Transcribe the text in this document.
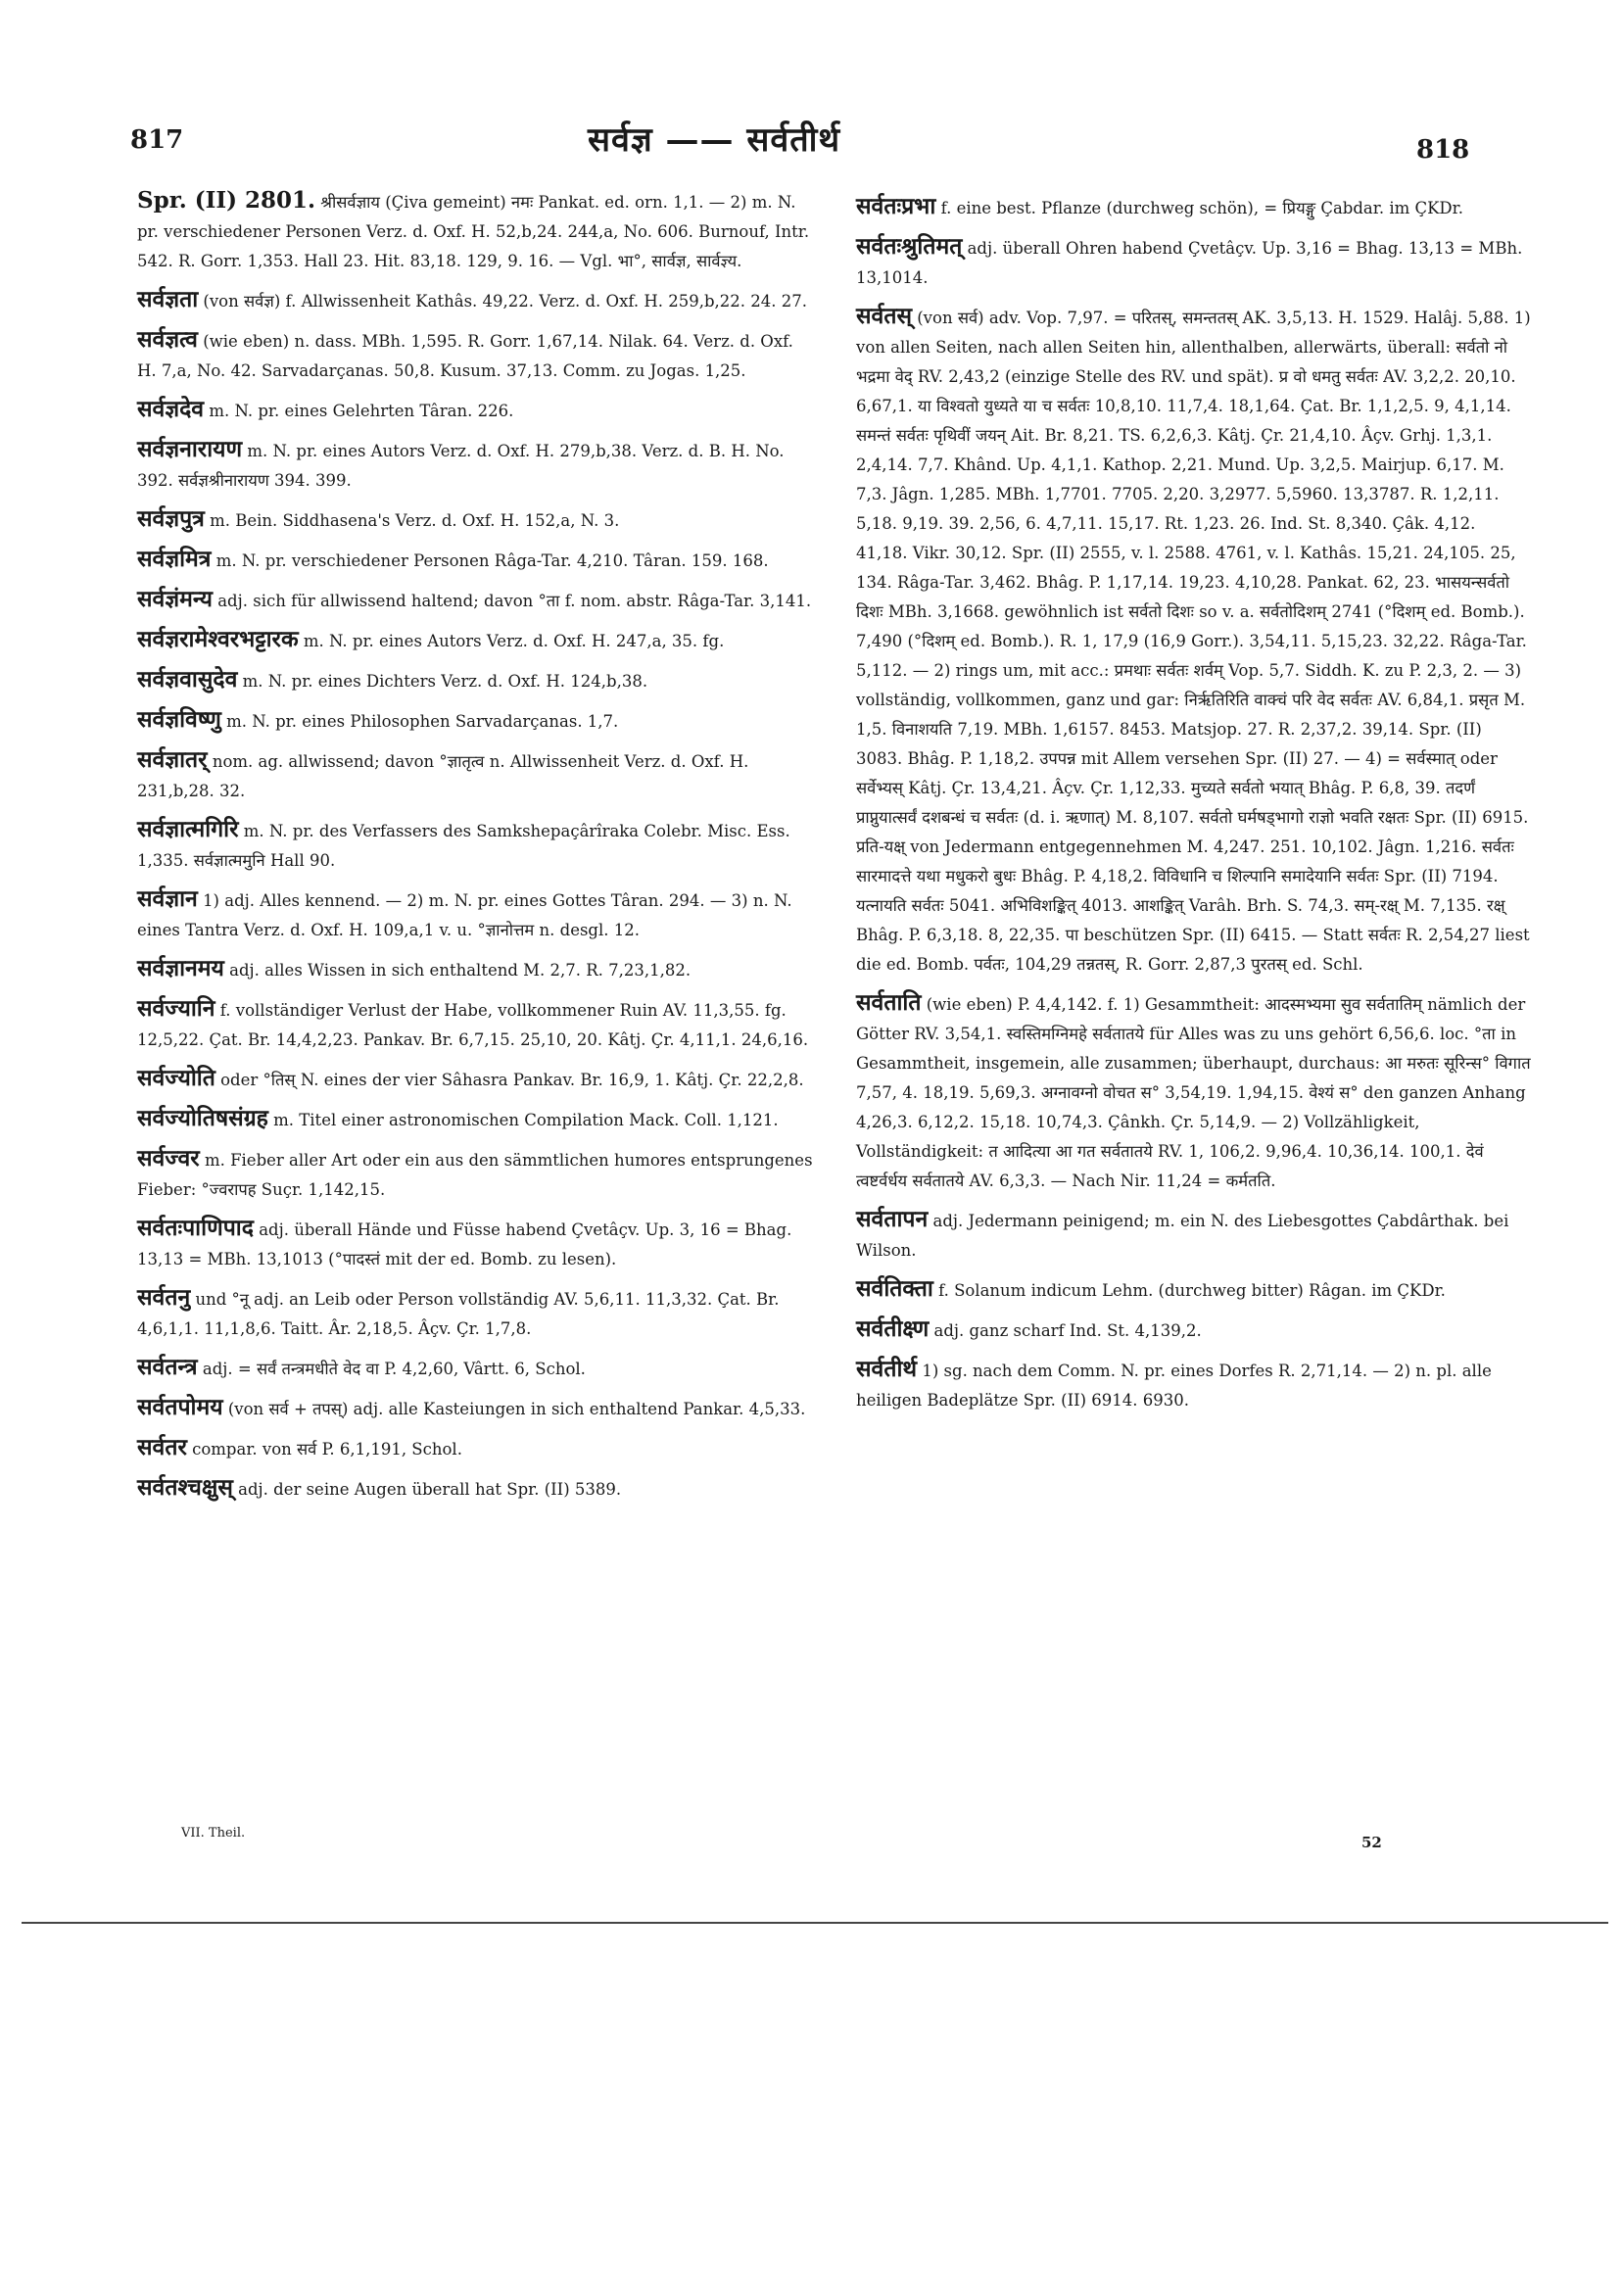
817	सर्वज्ञ —— सर्वतीर्थ	818

Spr. (II) 2801. श्रीसर्वज्ञाय (Çiva gemeint) नमः Pankat. ed. orn. 1,1. — 2) m. N. pr. verschiedener Personen Verz. d. Oxf. H. 52,b,24. 244,a, No. 606. Burnouf, Intr. 542. R. Gorr. 1,353. Hall 23. Hit. 83,18. 129, 9. 16. — Vgl. भा°, सार्वज्ञ, सार्वज्ञ्य.

सर्वज्ञता (von सर्वज्ञ) f. Allwissenheit Kathâs. 49,22. Verz. d. Oxf. H. 259,b,22. 24. 27.

सर्वज्ञत्व (wie eben) n. dass. MBh. 1,595. R. Gorr. 1,67,14. Nilak. 64. Verz. d. Oxf. H. 7,a, No. 42. Sarvadarçanas. 50,8. Kusum. 37,13. Comm. zu Jogas. 1,25.

सर्वज्ञदेव m. N. pr. eines Gelehrten Târan. 226.

सर्वज्ञनारायण m. N. pr. eines Autors Verz. d. Oxf. H. 279,b,38. Verz. d. B. H. No. 392. सर्वज्ञश्रीनारायण 394. 399.

सर्वज्ञपुत्र m. Bein. Siddhasena's Verz. d. Oxf. H. 152,a, N. 3.

सर्वज्ञमित्र m. N. pr. verschiedener Personen Râga-Tar. 4,210. Târan. 159. 168.

सर्वज्ञंमन्य adj. sich für allwissend haltend; davon °ता f. nom. abstr. Râga-Tar. 3,141.

सर्वज्ञरामेश्वरभट्टारक m. N. pr. eines Autors Verz. d. Oxf. H. 247,a, 35. fg.

सर्वज्ञवासुदेव m. N. pr. eines Dichters Verz. d. Oxf. H. 124,b,38.

सर्वज्ञविष्णु m. N. pr. eines Philosophen Sarvadarçanas. 1,7.

सर्वज्ञातर् nom. ag. allwissend; davon °ज्ञातृत्व n. Allwissenheit Verz. d. Oxf. H. 231,b,28. 32.

सर्वज्ञात्मगिरि m. N. pr. des Verfassers des Samkshepaçârîraka Colebr. Misc. Ess. 1,335. सर्वज्ञात्ममुनि Hall 90.

सर्वज्ञान 1) adj. Alles kennend. — 2) m. N. pr. eines Gottes Târan. 294. — 3) n. N. eines Tantra Verz. d. Oxf. H. 109,a,1 v. u. °ज्ञानोत्तम n. desgl. 12.

सर्वज्ञानमय adj. alles Wissen in sich enthaltend M. 2,7. R. 7,23,1,82.

सर्वज्यानि f. vollständiger Verlust der Habe, vollkommener Ruin AV. 11,3,55. fg. 12,5,22. Çat. Br. 14,4,2,23. Pankav. Br. 6,7,15. 25,10, 20. Kâtj. Çr. 4,11,1. 24,6,16.

सर्वज्योति oder °तिस् N. eines der vier Sâhasra Pankav. Br. 16,9, 1. Kâtj. Çr. 22,2,8.

सर्वज्योतिषसंग्रह m. Titel einer astronomischen Compilation Mack. Coll. 1,121.

सर्वज्वर m. Fieber aller Art oder ein aus den sämmtlichen humores entsprungenes Fieber: °ज्वरापह Suçr. 1,142,15.

सर्वतःपाणिपाद adj. überall Hände und Füsse habend Çvetâçv. Up. 3, 16 = Bhag. 13,13 = MBh. 13,1013 (°पादस्तं mit der ed. Bomb. zu lesen).

सर्वतनु und °नू adj. an Leib oder Person vollständig AV. 5,6,11. 11,3,32. Çat. Br. 4,6,1,1. 11,1,8,6. Taitt. Âr. 2,18,5. Âçv. Çr. 1,7,8.

सर्वतन्त्र adj. = सर्वं तन्त्रमधीते वेद वा P. 4,2,60, Vârtt. 6, Schol.

सर्वतपोमय (von सर्व + तपस्) adj. alle Kasteiungen in sich enthaltend Pankar. 4,5,33.

सर्वतर compar. von सर्व P. 6,1,191, Schol.

सर्वतश्चक्षुस् adj. der seine Augen überall hat Spr. (II) 5389.

सर्वतःप्रभा f. eine best. Pflanze (durchweg schön), = प्रियङ्गु Çabdar. im ÇKDr.

सर्वतःश्रुतिमत् adj. überall Ohren habend Çvetâçv. Up. 3,16 = Bhag. 13,13 = MBh. 13,1014.

सर्वतस् (von सर्व) adv. Vop. 7,97. = परितस्, समन्ततस् AK. 3,5,13. H. 1529. Halâj. 5,88. 1) von allen Seiten, nach allen Seiten hin, allenthalben, allerwärts, überall: सर्वतो नो भद्रमा वेद् RV. 2,43,2 (einzige Stelle des RV. und spät). प्र वो धमतु सर्वतः AV. 3,2,2. 20,10. 6,67,1. या विश्वतो युध्यते या च सर्वतः 10,8,10. 11,7,4. 18,1,64. Çat. Br. 1,1,2,5. 9, 4,1,14. समन्तं सर्वतः पृथिवीं जयन् Ait. Br. 8,21. TS. 6,2,6,3. Kâtj. Çr. 21,4,10. Âçv. Grhj. 1,3,1. 2,4,14. 7,7. Khând. Up. 4,1,1. Kathop. 2,21. Mund. Up. 3,2,5. Mairjup. 6,17. M. 7,3. Jâgn. 1,285. MBh. 1,7701. 7705. 2,20. 3,2977. 5,5960. 13,3787. R. 1,2,11. 5,18. 9,19. 39. 2,56, 6. 4,7,11. 15,17. Rt. 1,23. 26. Ind. St. 8,340. Çâk. 4,12. 41,18. Vikr. 30,12. Spr. (II) 2555, v. l. 2588. 4761, v. l. Kathâs. 15,21. 24,105. 25, 134. Râga-Tar. 3,462. Bhâg. P. 1,17,14. 19,23. 4,10,28. Pankat. 62, 23. भासयन्सर्वतो दिशः MBh. 3,1668. gewöhnlich ist सर्वतो दिशः so v. a. सर्वतोदिशम् 2741 (°दिशम् ed. Bomb.). 7,490 (°दिशम् ed. Bomb.). R. 1, 17,9 (16,9 Gorr.). 3,54,11. 5,15,23. 32,22. Râga-Tar. 5,112. — 2) rings um, mit acc.: प्रमथाः सर्वतः शर्वम् Vop. 5,7. Siddh. K. zu P. 2,3, 2. — 3) vollständig, vollkommen, ganz und gar: निर्ऋतिरिति वाक्चं परि वेद सर्वतः AV. 6,84,1. प्रसृत M. 1,5. विनाशयति 7,19. MBh. 1,6157. 8453. Matsjop. 27. R. 2,37,2. 39,14. Spr. (II) 3083. Bhâg. P. 1,18,2. उपपन्न mit Allem versehen Spr. (II) 27. — 4) = सर्वस्मात् oder सर्वेभ्यस् Kâtj. Çr. 13,4,21. Âçv. Çr. 1,12,33. मुच्यते सर्वतो भयात् Bhâg. P. 6,8, 39. तदर्णं प्राप्नुयात्सर्वं दशबन्धं च सर्वतः (d. i. ऋणात्) M. 8,107. सर्वतो घर्मषड्भागो राज्ञो भवति रक्षतः Spr. (II) 6915. प्रति-यक्ष् von Jedermann entgegennehmen M. 4,247. 251. 10,102. Jâgn. 1,216. सर्वतः सारमादत्ते यथा मधुकरो बुधः Bhâg. P. 4,18,2. विविधानि च शिल्पानि समादेयानि सर्वतः Spr. (II) 7194. यत्नायति सर्वतः 5041. अभिविशङ्कित् 4013. आशङ्कित् Varâh. Brh. S. 74,3. सम्-रक्ष् M. 7,135. रक्ष् Bhâg. P. 6,3,18. 8, 22,35. पा beschützen Spr. (II) 6415. — Statt सर्वतः R. 2,54,27 liest die ed. Bomb. पर्वतः, 104,29 तन्नतस्, R. Gorr. 2,87,3 पुरतस् ed. Schl.

सर्वताति (wie eben) P. 4,4,142. f. 1) Gesammtheit: आदस्मभ्यमा सुव सर्वतातिम् nämlich der Götter RV. 3,54,1. स्वस्तिमग्निमहे सर्वतातये für Alles was zu uns gehört 6,56,6. loc. °ता in Gesammtheit, insgemein, alle zusammen; überhaupt, durchaus: आ मरुतः सूरिन्स° विगात 7,57, 4. 18,19. 5,69,3. अग्नावग्नो वोचत स° 3,54,19. 1,94,15. वेश्यं स° den ganzen Anhang 4,26,3. 6,12,2. 15,18. 10,74,3. Çânkh. Çr. 5,14,9. — 2) Vollzähligkeit, Vollständigkeit: त आदित्या आ गत सर्वतातये RV. 1, 106,2. 9,96,4. 10,36,14. 100,1. देवं त्वष्टर्वर्धय सर्वतातये AV. 6,3,3. — Nach Nir. 11,24 = कर्मतति.

सर्वतापन adj. Jedermann peinigend; m. ein N. des Liebesgottes Çabdârthak. bei Wilson.

सर्वतिक्ता f. Solanum indicum Lehm. (durchweg bitter) Râgan. im ÇKDr.

सर्वतीक्ष्ण adj. ganz scharf Ind. St. 4,139,2.

सर्वतीर्थ 1) sg. nach dem Comm. N. pr. eines Dorfes R. 2,71,14. — 2) n. pl. alle heiligen Badeplätze Spr. (II) 6914. 6930.

VII. Theil.
52
